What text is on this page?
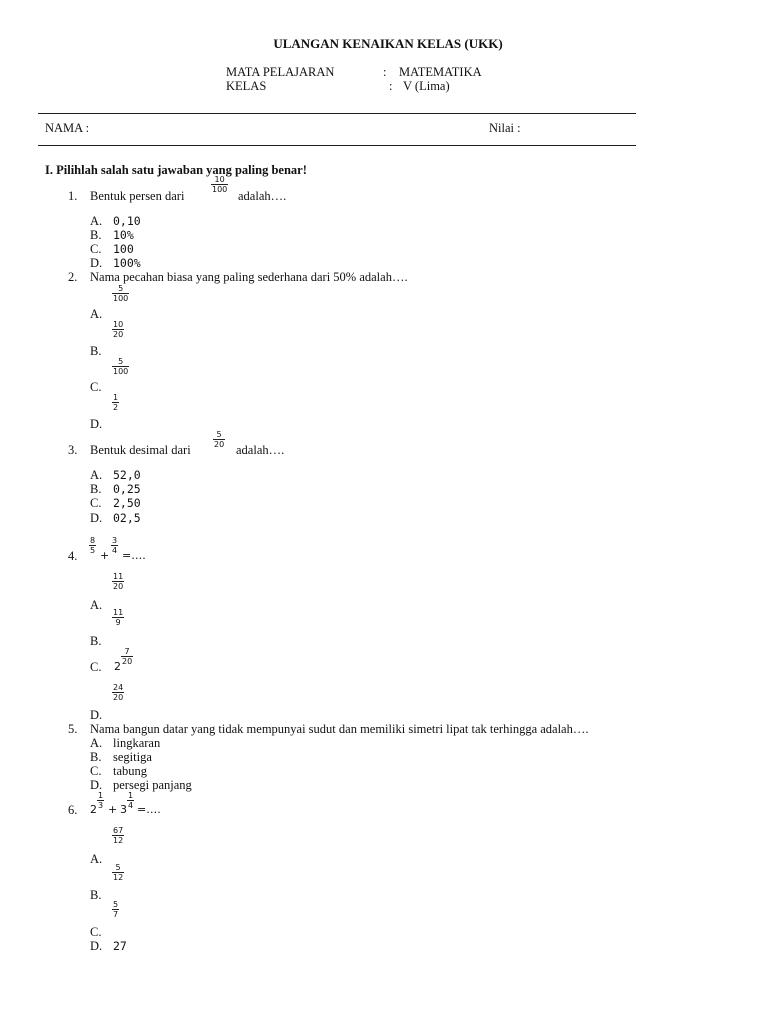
ULANGAN KENAIKAN KELAS (UKK)
MATA PELAJARAN	: MATEMATIKA
KELAS	: V (Lima)
NAMA :	Nilai :
I. Pilihlah salah satu jawaban yang paling benar!
1. Bentuk persen dari
$\frac{10}{100}$
adalah….
A. 0,10
B. 10%
C. 100
D. 100%
2. Nama pecahan biasa yang paling sederhana dari 50% adalah….
$\frac{5}{100}$
A.
$\frac{10}{20}$
B.
$\frac{5}{100}$
C.
$\frac{1}{2}$
D.
3. Bentuk desimal dari
$\frac{5}{20}$
adalah….
A. 52,0
B. 0,25
C. 2,50
D. 02,5
4.
$\frac{8}{5}$
+
$\frac{3}{4}$
=….
$\frac{11}{20}$
A.
$\frac{11}{9}$
B.
C. 2
$\frac{7}{20}$
$\frac{24}{20}$
D.
5. Nama bangun datar yang tidak mempunyai sudut dan memiliki simetri lipat tak terhingga adalah….
A. lingkaran
B. segitiga
C. tabung
D. persegi panjang
6. $2 \frac{1}{3} + 3 \frac{1}{4}$ =….
$\frac{67}{12}$
A.
$\frac{5}{12}$
B.
$\frac{5}{7}$
C.
D. 27
